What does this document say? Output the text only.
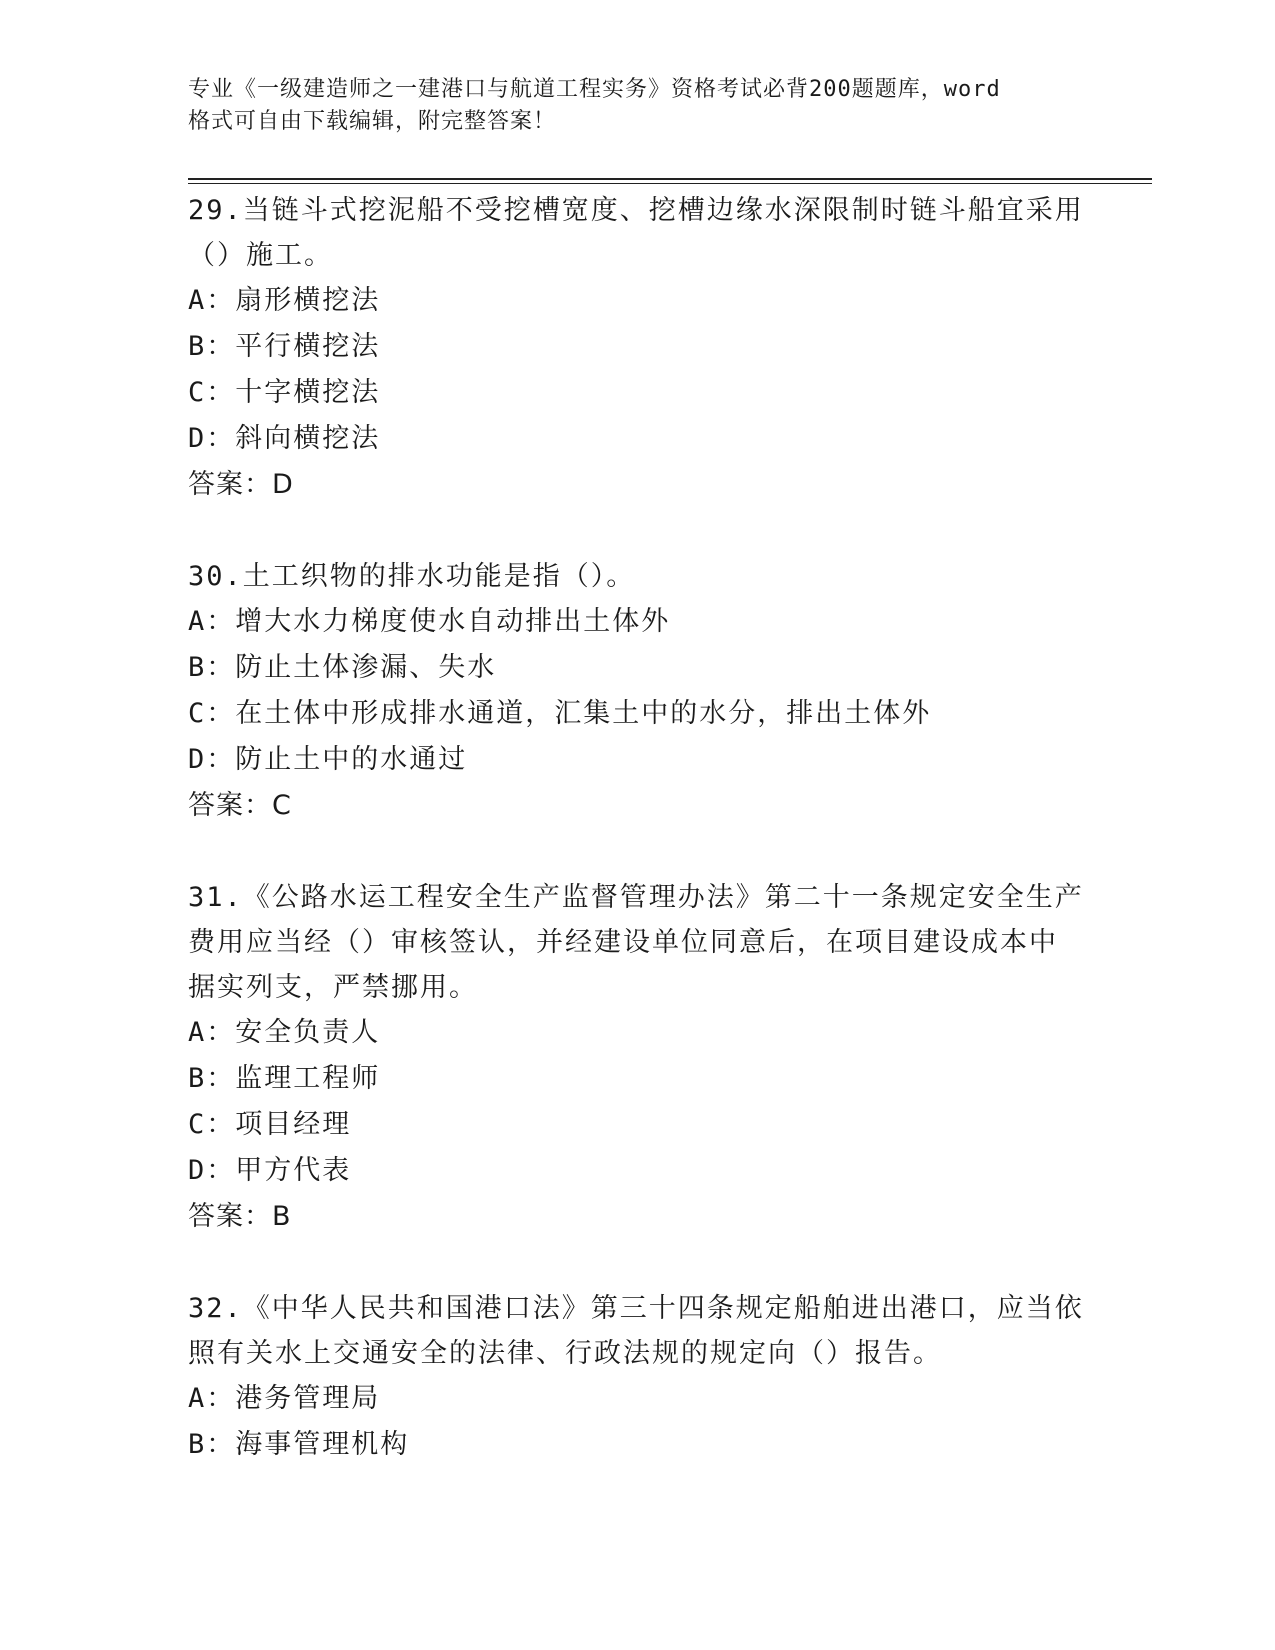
专业《一级建造师之一建港口与航道工程实务》资格考试必背200题题库，word
格式可自由下载编辑，附完整答案！
29.当链斗式挖泥船不受挖槽宽度、挖槽边缘水深限制时链斗船宜采用
（）施工。
A：扇形横挖法
B：平行横挖法
C：十字横挖法
D：斜向横挖法
答案：D
30.土工织物的排水功能是指（）。
A：增大水力梯度使水自动排出土体外
B：防止土体渗漏、失水
C：在土体中形成排水通道，汇集土中的水分，排出土体外
D：防止土中的水通过
答案：C
31.《公路水运工程安全生产监督管理办法》第二十一条规定安全生产
费用应当经（）审核签认，并经建设单位同意后，在项目建设成本中
据实列支，严禁挪用。
A：安全负责人
B：监理工程师
C：项目经理
D：甲方代表
答案：B
32.《中华人民共和国港口法》第三十四条规定船舶进出港口，应当依
照有关水上交通安全的法律、行政法规的规定向（）报告。
A：港务管理局
B：海事管理机构
